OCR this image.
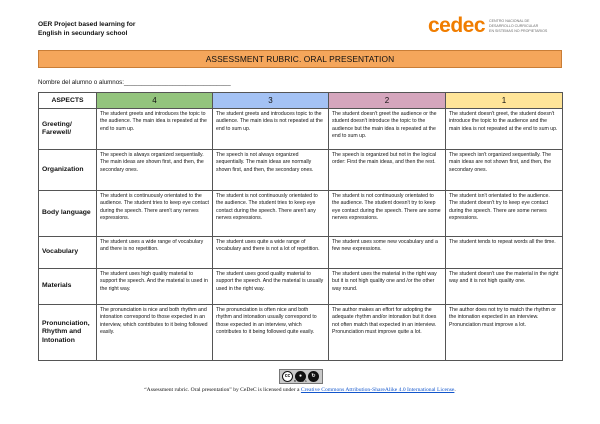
OER Project based learning for
English in secundary school	cedec CENTRO NACIONAL DE
DESARROLLO CURRICULAR
EN SISTEMAS NO PROPIETARIOS
ASSESSMENT RUBRIC. ORAL PRESENTATION
Nombre del alumno o alumnos:_______________________________
ASPECTS	4	3	2	1
Greeting/ Farewell/	The student greets and introduces the topic to the audience. The main idea is repeated at the end to sum up.	The student greets and introduces topic to the audience. The main idea is not repeated at the end to sum up.	The student doesn't greet the audience or the student doesn't introduce the topic to the audience but the main idea is repeated at the end to sum up.	The student doesn't greet, the student doesn't introduce the topic to the audience and the main idea is not repeated at the end to sum up.
Organization	The speech is always organized sequentially. The main ideas are shown first, and then, the secondary ones.	The speech is not always organized sequentially. The main ideas are normally shown first, and then, the secondary ones.	The speech is organized but not in the logical order: First the main ideas, and then the rest.	The speech isn't organized sequentially. The main ideas are not shown first, and then, the secondary ones.
Body language	The student is continuously orientated to the audience. The student tries to keep eye contact during the speech. There aren't any nerves expressions.	The student is not continuously orientated to the audience. The student tries to keep eye contact during the speech. There aren't any nerves expressions.	The student is not continuously orientated to the audience. The student doesn't try to keep eye contact during the speech. There are some nerves expressions.	The student isn't orientated to the audience. The student doesn't try to keep eye contact during the speech. There are some nerves expressions.
Vocabulary	The student uses a wide range of vocabulary and there is no repetition.	The student uses quite a wide range of vocabulary and there is not a lot of repetition.	The student uses some new vocabulary and a few new expressions.	The student tends to repeat words all the time.
Materials	The student uses high quality material to support the speech. And the material is used in the right way.	The student uses good quality material to support the speech. And the material is usually used in the right way.	The student uses the material in the right way but it is not high quality one and /or the other way round.	The student doesn't use the material in the right way and it is not high quality one.
Pronunciation, Rhythm and Intonation	The pronunciation is nice and both rhythm and intonation correspond to those expected in an interview, which contributes to it being followed easily.	The pronunciation is often nice and both rhythm and intonation usually correspond to those expected in an interview, which contributes to it being followed quite easily.	The author makes an effort for adopting the adequate rhythm and/or intonation but it does not often match that expected in an interview. Pronunciation must improve quite a lot.	The author does not try to match the rhythm or the intonation expected in an interview. Pronunciation must improve a lot.
cc	●	↻
BY SA
“Assessment rubric. Oral presentation” by CeDeC is licensed under a Creative Commons Attribution-ShareAlike 4.0 International License.
